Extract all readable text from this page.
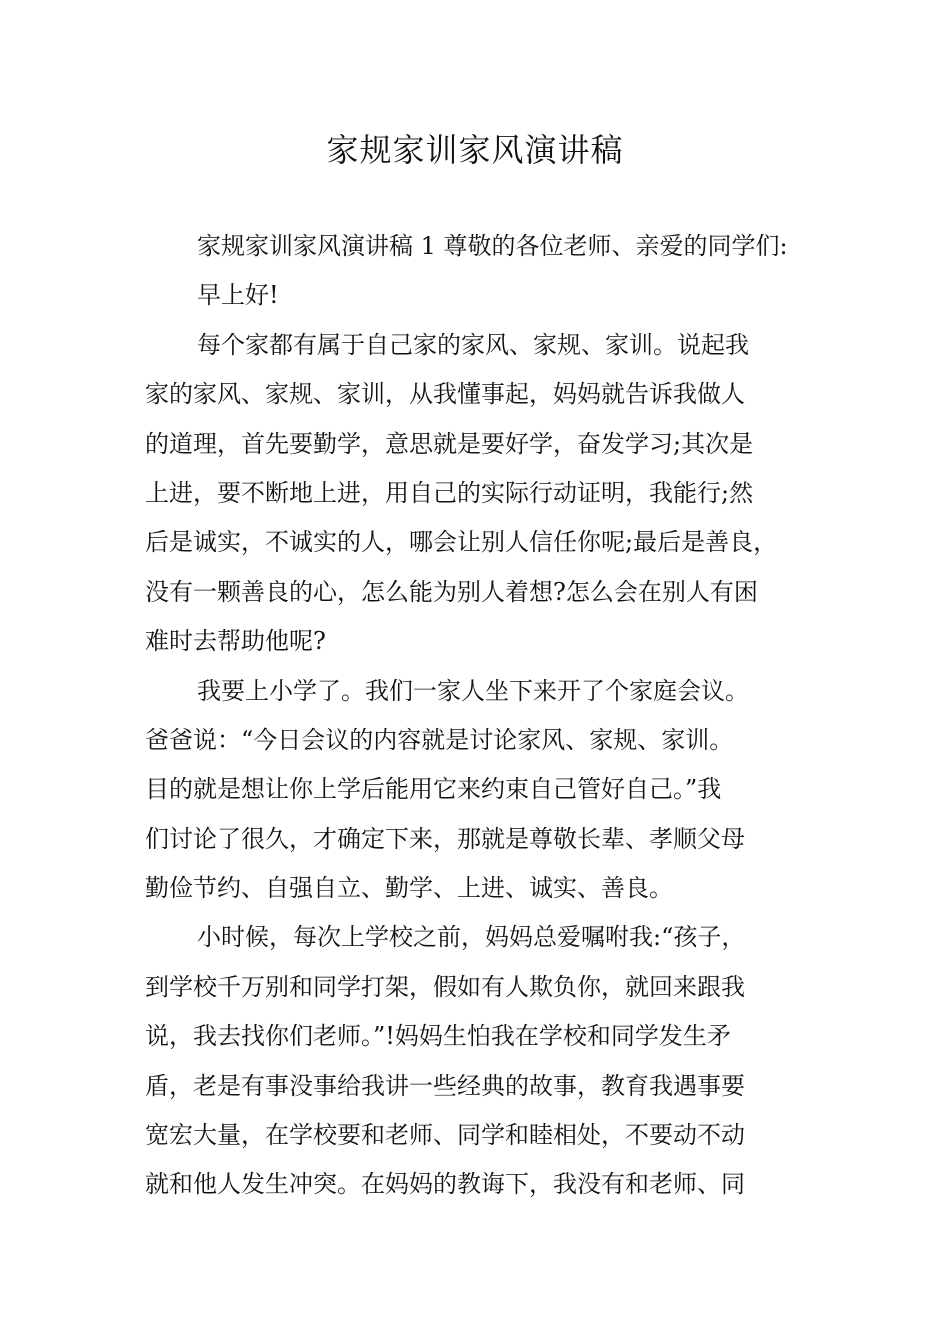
家规家训家风演讲稿
家规家训家风演讲稿 1 尊敬的各位老师、亲爱的同学们:
早上好!
每个家都有属于自己家的家风、家规、家训。说起我
家的家风、家规、家训，从我懂事起，妈妈就告诉我做人
的道理，首先要勤学，意思就是要好学，奋发学习;其次是
上进，要不断地上进，用自己的实际行动证明，我能行;然
后是诚实，不诚实的人，哪会让别人信任你呢;最后是善良，
没有一颗善良的心，怎么能为别人着想?怎么会在别人有困
难时去帮助他呢?
我要上小学了。我们一家人坐下来开了个家庭会议。
爸爸说：“今日会议的内容就是讨论家风、家规、家训。
目的就是想让你上学后能用它来约束自己管好自己。”我
们讨论了很久，才确定下来，那就是尊敬长辈、孝顺父母
勤俭节约、自强自立、勤学、上进、诚实、善良。
小时候，每次上学校之前，妈妈总爱嘱咐我:“孩子，
到学校千万别和同学打架，假如有人欺负你，就回来跟我
说，我去找你们老师。”!妈妈生怕我在学校和同学发生矛
盾，老是有事没事给我讲一些经典的故事，教育我遇事要
宽宏大量，在学校要和老师、同学和睦相处，不要动不动
就和他人发生冲突。在妈妈的教诲下，我没有和老师、同
